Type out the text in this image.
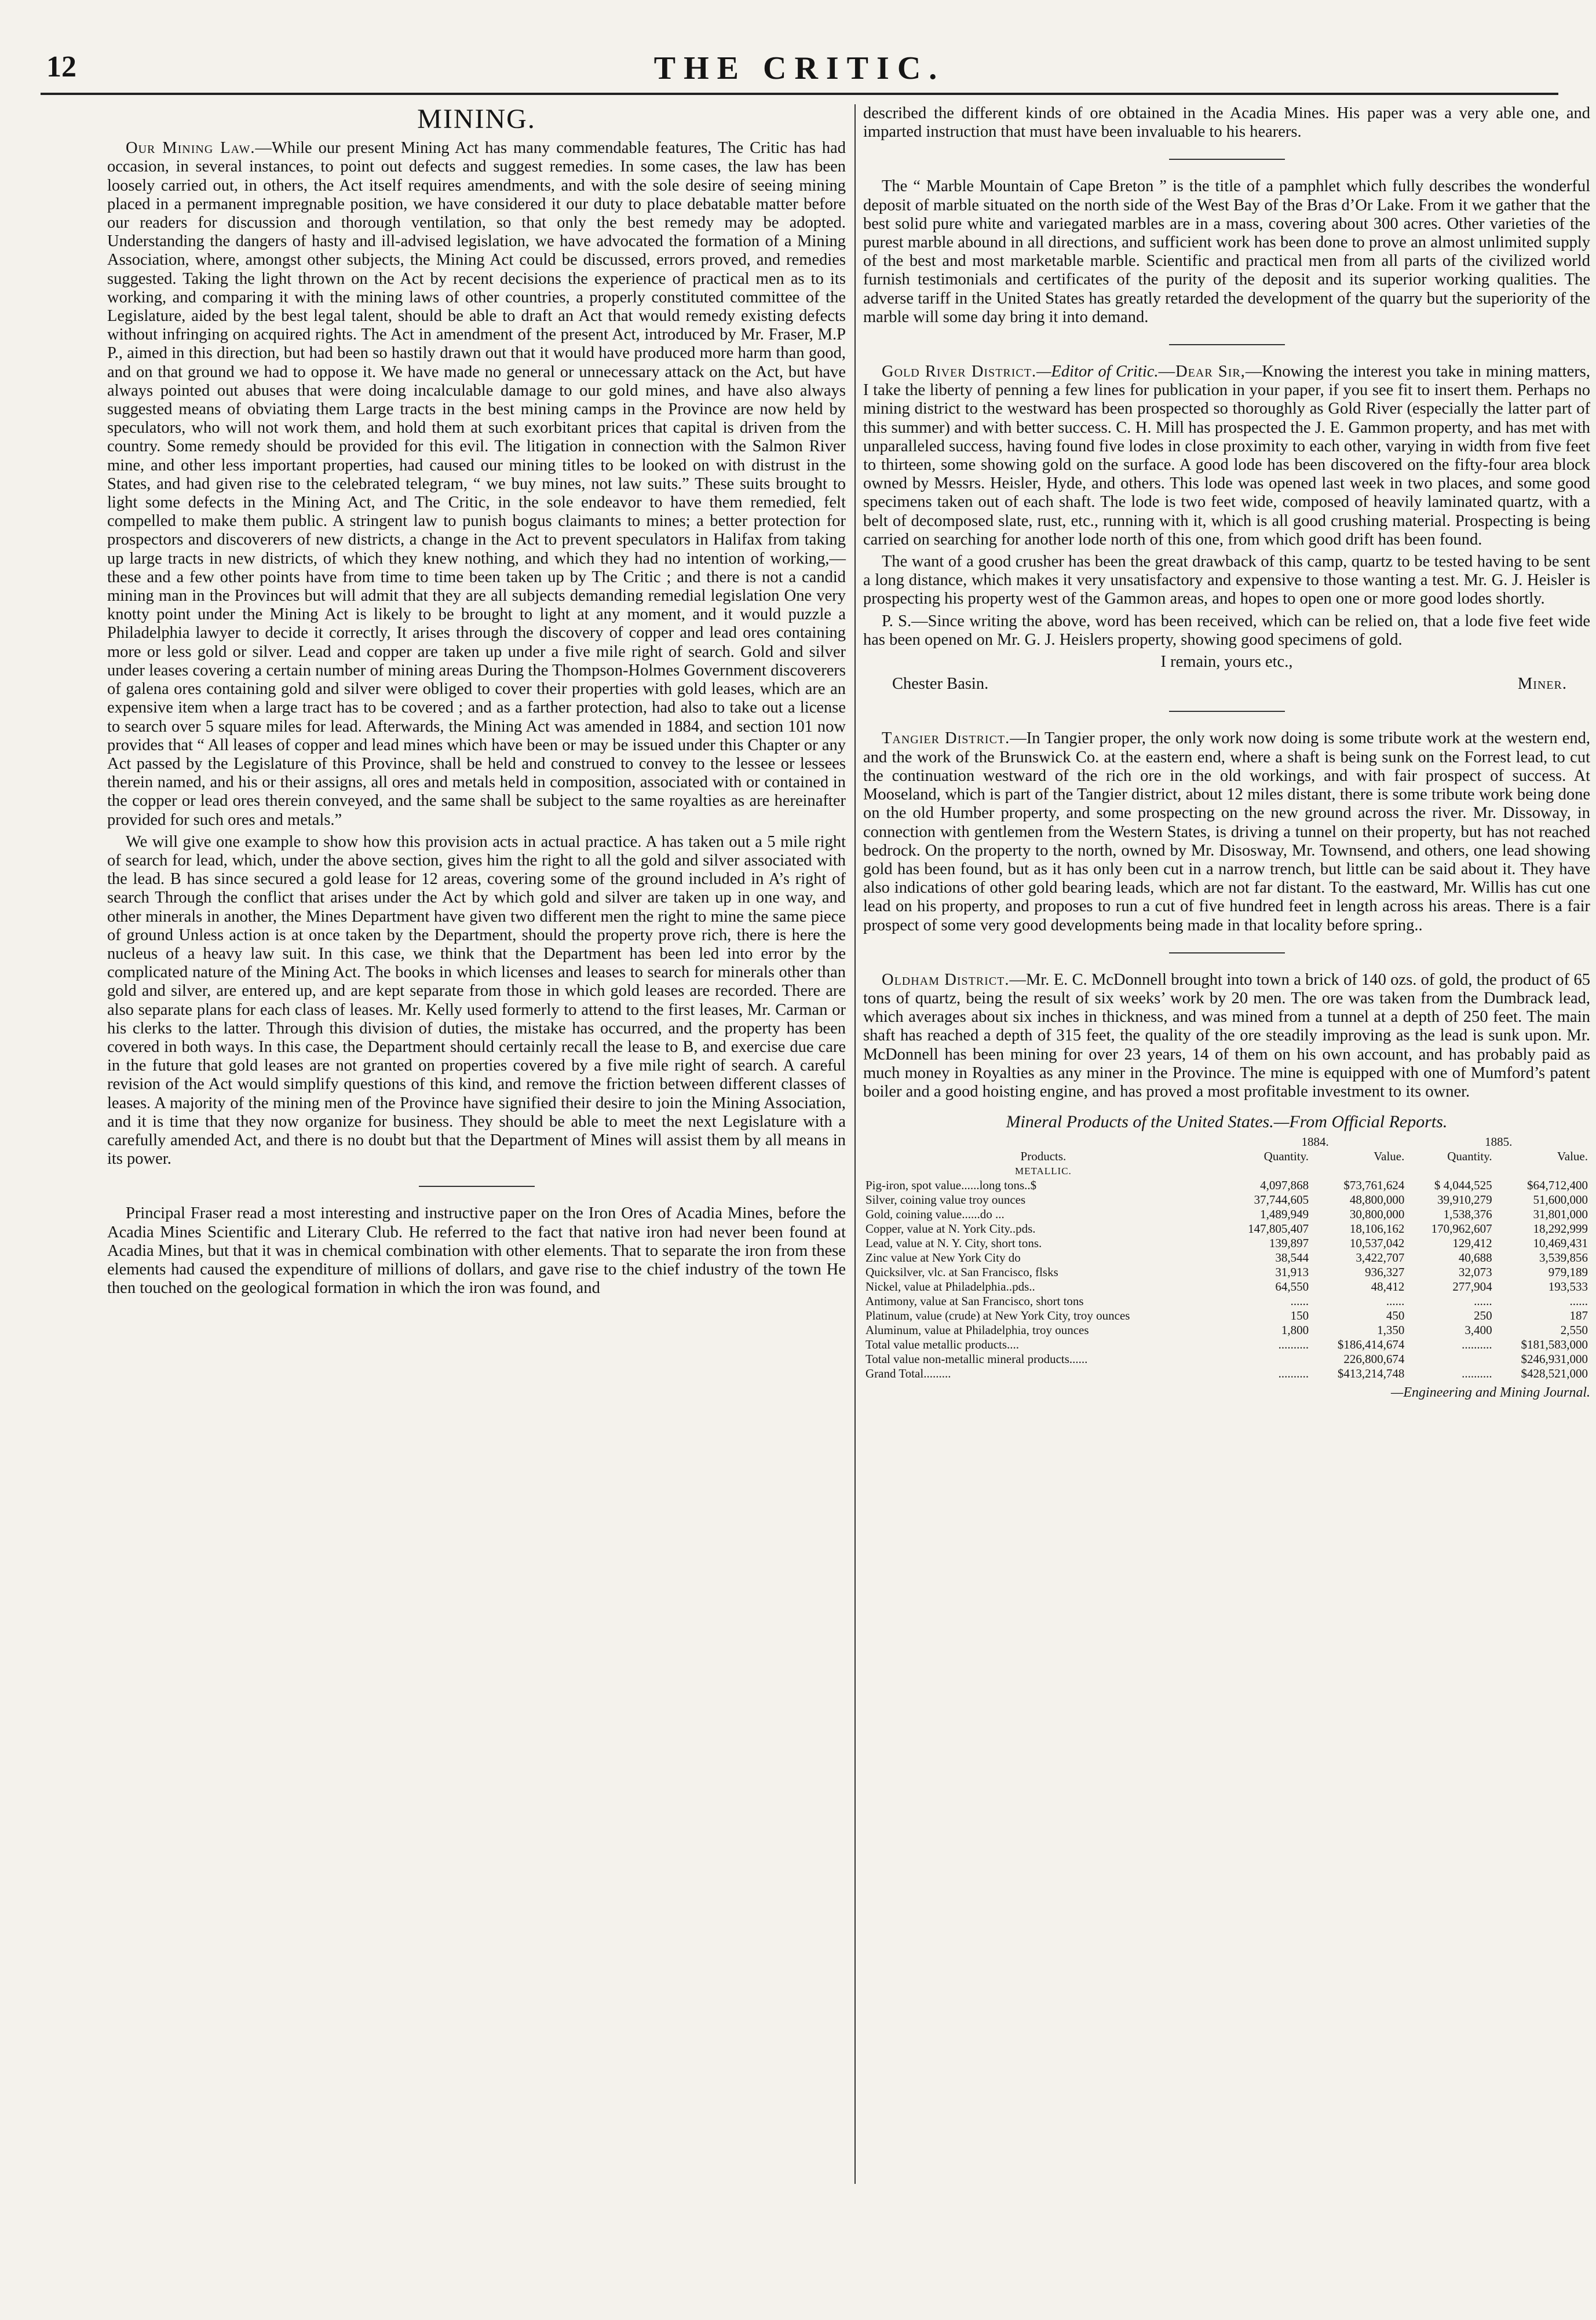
12	THE CRITIC.
MINING.

Our Mining Law.—While our present Mining Act has many commendable features, The Critic has had occasion, in several instances, to point out defects and suggest remedies. In some cases, the law has been loosely carried out, in others, the Act itself requires amendments, and with the sole desire of seeing mining placed in a permanent impregnable position, we have considered it our duty to place debatable matter before our readers for discussion and thorough ventilation, so that only the best remedy may be adopted. Understanding the dangers of hasty and ill-advised legislation, we have advocated the formation of a Mining Association, where, amongst other subjects, the Mining Act could be discussed, errors proved, and remedies suggested. Taking the light thrown on the Act by recent decisions the experience of practical men as to its working, and comparing it with the mining laws of other countries, a properly constituted committee of the Legislature, aided by the best legal talent, should be able to draft an Act that would remedy existing defects without infringing on acquired rights. The Act in amendment of the present Act, introduced by Mr. Fraser, M.P P., aimed in this direction, but had been so hastily drawn out that it would have produced more harm than good, and on that ground we had to oppose it. We have made no general or unnecessary attack on the Act, but have always pointed out abuses that were doing incalculable damage to our gold mines, and have also always suggested means of obviating them Large tracts in the best mining camps in the Province are now held by speculators, who will not work them, and hold them at such exorbitant prices that capital is driven from the country. Some remedy should be provided for this evil. The litigation in connection with the Salmon River mine, and other less important properties, had caused our mining titles to be looked on with distrust in the States, and had given rise to the celebrated telegram, “ we buy mines, not law suits.” These suits brought to light some defects in the Mining Act, and The Critic, in the sole endeavor to have them remedied, felt compelled to make them public. A stringent law to punish bogus claimants to mines; a better protection for prospectors and discoverers of new districts, a change in the Act to prevent speculators in Halifax from taking up large tracts in new districts, of which they knew nothing, and which they had no intention of working,—these and a few other points have from time to time been taken up by The Critic ; and there is not a candid mining man in the Provinces but will admit that they are all subjects demanding remedial legislation One very knotty point under the Mining Act is likely to be brought to light at any moment, and it would puzzle a Philadelphia lawyer to decide it correctly, It arises through the discovery of copper and lead ores containing more or less gold or silver. Lead and copper are taken up under a five mile right of search. Gold and silver under leases covering a certain number of mining areas During the Thompson-Holmes Government discoverers of galena ores containing gold and silver were obliged to cover their properties with gold leases, which are an expensive item when a large tract has to be covered ; and as a farther protection, had also to take out a license to search over 5 square miles for lead. Afterwards, the Mining Act was amended in 1884, and section 101 now provides that “ All leases of copper and lead mines which have been or may be issued under this Chapter or any Act passed by the Legislature of this Province, shall be held and construed to convey to the lessee or lessees therein named, and his or their assigns, all ores and metals held in composition, associated with or contained in the copper or lead ores therein conveyed, and the same shall be subject to the same royalties as are hereinafter provided for such ores and metals.”

We will give one example to show how this provision acts in actual practice. A has taken out a 5 mile right of search for lead, which, under the above section, gives him the right to all the gold and silver associated with the lead. B has since secured a gold lease for 12 areas, covering some of the ground included in A’s right of search Through the conflict that arises under the Act by which gold and silver are taken up in one way, and other minerals in another, the Mines Department have given two different men the right to mine the same piece of ground Unless action is at once taken by the Department, should the property prove rich, there is here the nucleus of a heavy law suit. In this case, we think that the Department has been led into error by the complicated nature of the Mining Act. The books in which licenses and leases to search for minerals other than gold and silver, are entered up, and are kept separate from those in which gold leases are recorded. There are also separate plans for each class of leases. Mr. Kelly used formerly to attend to the first leases, Mr. Carman or his clerks to the latter. Through this division of duties, the mistake has occurred, and the property has been covered in both ways. In this case, the Department should certainly recall the lease to B, and exercise due care in the future that gold leases are not granted on properties covered by a five mile right of search. A careful revision of the Act would simplify questions of this kind, and remove the friction between different classes of leases. A majority of the mining men of the Province have signified their desire to join the Mining Association, and it is time that they now organize for business. They should be able to meet the next Legislature with a carefully amended Act, and there is no doubt but that the Department of Mines will assist them by all means in its power.

Principal Fraser read a most interesting and instructive paper on the Iron Ores of Acadia Mines, before the Acadia Mines Scientific and Literary Club. He referred to the fact that native iron had never been found at Acadia Mines, but that it was in chemical combination with other elements. That to separate the iron from these elements had caused the expenditure of millions of dollars, and gave rise to the chief industry of the town He then touched on the geological formation in which the iron was found, and

described the different kinds of ore obtained in the Acadia Mines. His paper was a very able one, and imparted instruction that must have been invaluable to his hearers.

The “ Marble Mountain of Cape Breton ” is the title of a pamphlet which fully describes the wonderful deposit of marble situated on the north side of the West Bay of the Bras d’Or Lake. From it we gather that the best solid pure white and variegated marbles are in a mass, covering about 300 acres. Other varieties of the purest marble abound in all directions, and sufficient work has been done to prove an almost unlimited supply of the best and most marketable marble. Scientific and practical men from all parts of the civilized world furnish testimonials and certificates of the purity of the deposit and its superior working qualities. The adverse tariff in the United States has greatly retarded the development of the quarry but the superiority of the marble will some day bring it into demand.

Gold River District.—Editor of Critic.—Dear Sir,—Knowing the interest you take in mining matters, I take the liberty of penning a few lines for publication in your paper, if you see fit to insert them. Perhaps no mining district to the westward has been prospected so thoroughly as Gold River (especially the latter part of this summer) and with better success. C. H. Mill has prospected the J. E. Gammon property, and has met with unparalleled success, having found five lodes in close proximity to each other, varying in width from five feet to thirteen, some showing gold on the surface. A good lode has been discovered on the fifty-four area block owned by Messrs. Heisler, Hyde, and others. This lode was opened last week in two places, and some good specimens taken out of each shaft. The lode is two feet wide, composed of heavily laminated quartz, with a belt of decomposed slate, rust, etc., running with it, which is all good crushing material. Prospecting is being carried on searching for another lode north of this one, from which good drift has been found.

The want of a good crusher has been the great drawback of this camp, quartz to be tested having to be sent a long distance, which makes it very unsatisfactory and expensive to those wanting a test. Mr. G. J. Heisler is prospecting his property west of the Gammon areas, and hopes to open one or more good lodes shortly.

P. S.—Since writing the above, word has been received, which can be relied on, that a lode five feet wide has been opened on Mr. G. J. Heislers property, showing good specimens of gold.

I remain, yours etc.,

Chester Basin.	Miner.

Tangier District.—In Tangier proper, the only work now doing is some tribute work at the western end, and the work of the Brunswick Co. at the eastern end, where a shaft is being sunk on the Forrest lead, to cut the continuation westward of the rich ore in the old workings, and with fair prospect of success. At Mooseland, which is part of the Tangier district, about 12 miles distant, there is some tribute work being done on the old Humber property, and some prospecting on the new ground across the river. Mr. Dissoway, in connection with gentlemen from the Western States, is driving a tunnel on their property, but has not reached bedrock. On the property to the north, owned by Mr. Disosway, Mr. Townsend, and others, one lead showing gold has been found, but as it has only been cut in a narrow trench, but little can be said about it. They have also indications of other gold bearing leads, which are not far distant. To the eastward, Mr. Willis has cut one lead on his property, and proposes to run a cut of five hundred feet in length across his areas. There is a fair prospect of some very good developments being made in that locality before spring..

Oldham District.—Mr. E. C. McDonnell brought into town a brick of 140 ozs. of gold, the product of 65 tons of quartz, being the result of six weeks’ work by 20 men. The ore was taken from the Dumbrack lead, which averages about six inches in thickness, and was mined from a tunnel at a depth of 250 feet. The main shaft has reached a depth of 315 feet, the quality of the ore steadily improving as the lead is sunk upon. Mr. McDonnell has been mining for over 23 years, 14 of them on his own account, and has probably paid as much money in Royalties as any miner in the Province. The mine is equipped with one of Mumford’s patent boiler and a good hoisting engine, and has proved a most profitable investment to its owner.

Mineral Products of the United States.—From Official Reports.
	1884.		1885.	
Products.	Quantity.	Value.	Quantity.	Value.
METALLIC.				
Pig-iron, spot value......long tons..$	4,097,868	$73,761,624	$ 4,044,525	$64,712,400
Silver, coining value troy ounces	37,744,605	48,800,000	39,910,279	51,600,000
Gold, coining value......do ...	1,489,949	30,800,000	1,538,376	31,801,000
Copper, value at N. York City..pds.	147,805,407	18,106,162	170,962,607	18,292,999
Lead, value at N. Y. City, short tons.	139,897	10,537,042	129,412	10,469,431
Zinc value at New York City do	38,544	3,422,707	40,688	3,539,856
Quicksilver, vlc. at San Francisco, flsks	31,913	936,327	32,073	979,189
Nickel, value at Philadelphia..pds..	64,550	48,412	277,904	193,533
Antimony, value at San Francisco, short tons	......	......	......	......
Platinum, value (crude) at New York City, troy ounces	150	450	250	187
Aluminum, value at Philadelphia, troy ounces	1,800	1,350	3,400	2,550
Total value metallic products....	..........	$186,414,674	..........	$181,583,000
Total value non-metallic mineral products......		226,800,674		$246,931,000
Grand Total.........	..........	$413,214,748	..........	$428,521,000
—Engineering and Mining Journal.
